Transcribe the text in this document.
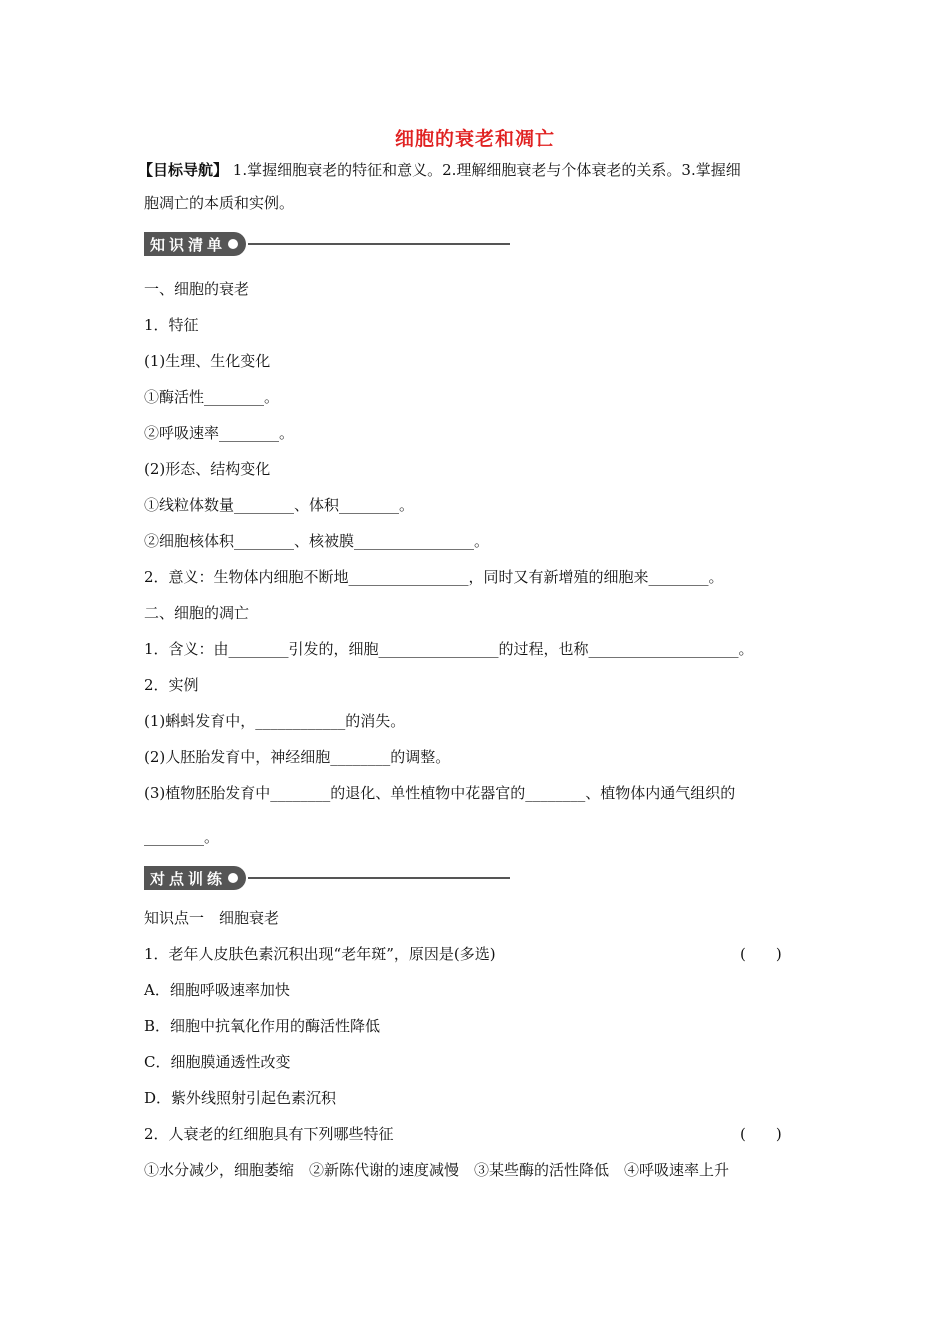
细胞的衰老和凋亡
【目标导航】 1.掌握细胞衰老的特征和意义。2.理解细胞衰老与个体衰老的关系。3.掌握细
胞凋亡的本质和实例。
知识清单
一、细胞的衰老
1．特征
(1)生理、生化变化
①酶活性________。
②呼吸速率________。
(2)形态、结构变化
①线粒体数量________、体积________。
②细胞核体积________、核被膜________________。
2．意义：生物体内细胞不断地________________，同时又有新增殖的细胞来________。
二、细胞的凋亡
1．含义：由________引发的，细胞________________的过程，也称____________________。
2．实例
(1)蝌蚪发育中，____________的消失。
(2)人胚胎发育中，神经细胞________的调整。
(3)植物胚胎发育中________的退化、单性植物中花器官的________、植物体内通气组织的
________。
对点训练
知识点一　细胞衰老
1．老年人皮肤色素沉积出现“老年斑”，原因是(多选)	(　　)
A．细胞呼吸速率加快
B．细胞中抗氧化作用的酶活性降低
C．细胞膜通透性改变
D．紫外线照射引起色素沉积
2．人衰老的红细胞具有下列哪些特征	(　　)
①水分减少，细胞萎缩　②新陈代谢的速度减慢　③某些酶的活性降低　④呼吸速率上升
